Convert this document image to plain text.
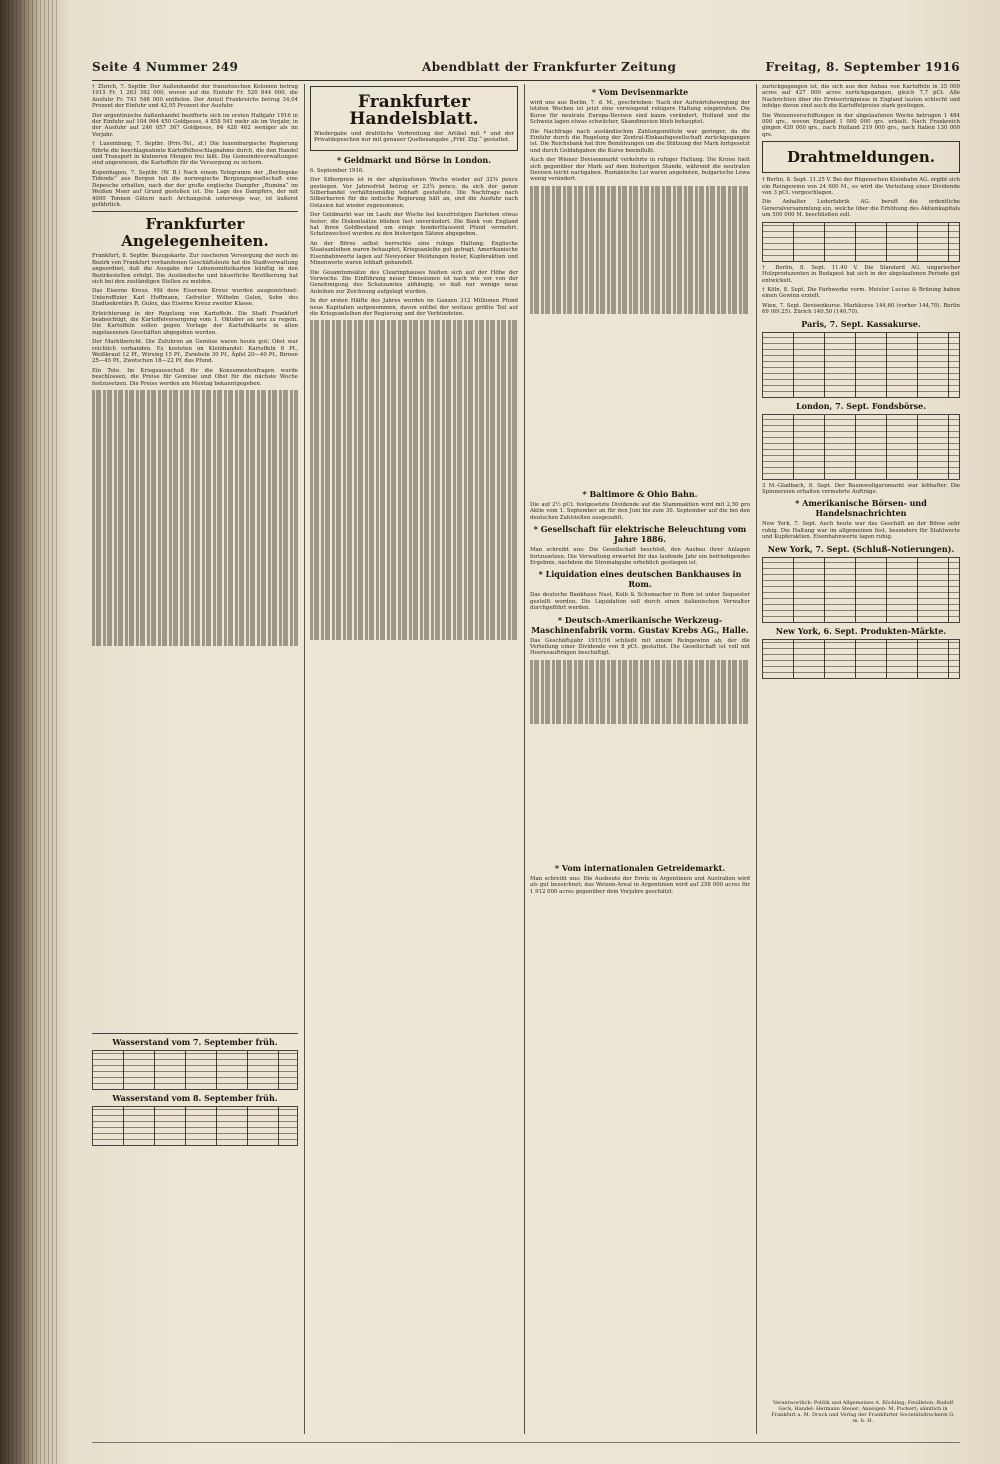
Seite 4 Nummer 249	Abendblatt der Frankfurter Zeitung	Freitag, 8. September 1916

† Zürich, 7. Septbr. Der Außenhandel der französischen Kolonien betrug 1915 Fr. 1 263 392 000, wovon auf die Einfuhr Fr. 520 844 000, die Ausfuhr Fr. 741 548 000 entfielen. Der Anteil Frankreichs betrug 34,04 Prozent der Einfuhr und 42,95 Prozent der Ausfuhr.

Der argentinische Außenhandel bezifferte sich im ersten Halbjahr 1916 in der Einfuhr auf 104 964 450 Goldpesos, 4 858 541 mehr als im Vorjahr, in der Ausfuhr auf 246 057 367 Goldpesos, 84 428 462 weniger als im Vorjahr.

† Luxemburg, 7. Septbr. (Priv.-Tel., zf.) Die luxemburgische Regierung führte die beschlagnahmte Kartoffelbeschlagnahme durch, die den Handel und Transport in kleineren Mengen frei läßt. Die Gemeindeverwaltungen sind angewiesen, die Kartoffeln für die Versorgung zu sichern.

Kopenhagen, 7. Septbr. (W. B.) Nach einem Telegramm der „Berlingske Tidende“ aus Bergen hat die norwegische Bergungsgesellschaft eine Depesche erhalten, nach der der große englische Dampfer „Rumina“ im Weißen Meer auf Grund gestoßen ist. Die Lage des Dampfers, der mit 4000 Tonnen Gütern nach Archangelsk unterwegs war, ist äußerst gefährlich.

Frankfurter Angelegenheiten.

Frankfurt, 8. Septbr. Bezugskarte. Zur rascheren Versorgung der noch im Bezirk von Frankfurt vorhandenen Geschäftsleute hat die Stadtverwaltung angeordnet, daß die Ausgabe der Lebensmittelkarten künftig in den Bezirksstellen erfolgt. Die Ausländische und bäuerliche Bevölkerung hat sich bei den zuständigen Stellen zu melden.

Das Eiserne Kreuz. Mit dem Eisernen Kreuz wurden ausgezeichnet: Unteroffizier Karl Hoffmann, Gefreiter Wilhelm Gulex, Sohn des Stadtsekretärs R. Gulex, das Eiserne Kreuz zweiter Klasse.

Erleichterung in der Regelung von Kartoffeln. Die Stadt Frankfurt beabsichtigt, die Kartoffelversorgung vom 1. Oktober an neu zu regeln. Die Kartoffeln sollen gegen Vorlage der Kartoffelkarte in allen zugelassenen Geschäften abgegeben werden.

Der Marktbericht. Die Zufuhren an Gemüse waren heute gut; Obst war reichlich vorhanden. Es kosteten im Kleinhandel: Kartoffeln 8 Pf., Weißkraut 12 Pf., Wirsing 15 Pf., Zwiebeln 30 Pf., Äpfel 20—40 Pf., Birnen 25—45 Pf., Zwetschen 18—22 Pf. das Pfund.

Ein Tote. Im Kriegsausschuß für die Konsumentenfragen wurde beschlossen, die Preise für Gemüse und Obst für die nächste Woche festzusetzen. Die Preise werden am Montag bekanntgegeben.

Wasserstand vom 7. September früh.
Wasserstand vom 8. September früh.
Frankfurter Handelsblatt.

Wiedergabe und drahtliche Verbreitung der Artikel mit * und der Privatdepeschen nur mit genauer Quellenangabe „Frkf. Ztg.“ gestattet.

* Geldmarkt und Börse in London.

6. September 1916.

Der Silberpreis ist in der abgelaufenen Woche wieder auf 32⅝ pence gestiegen. Vor Jahresfrist betrug er 23¾ pence, da sich der ganze Silberhandel verhältnismäßig lebhaft gestaltete. Die Nachfrage nach Silberbarren für die indische Regierung hält an, und die Ausfuhr nach Ostasien hat wieder zugenommen.

Der Geldmarkt war im Laufe der Woche bei kurzfristigen Darlehen etwas fester; die Diskontsätze blieben fast unverändert. Die Bank von England hat ihren Goldbestand um einige hunderttausend Pfund vermehrt. Schatzwechsel wurden zu den bisherigen Sätzen abgegeben.

An der Börse selbst herrschte eine ruhige Haltung. Englische Staatsanleihen waren behauptet, Kriegsanleihe gut gefragt. Amerikanische Eisenbahnwerte lagen auf Newyorker Meldungen fester, Kupferaktien und Minenwerte waren lebhaft gehandelt.

Die Gesamtumsätze des Clearinghauses hielten sich auf der Höhe der Vorwoche. Die Einführung neuer Emissionen ist nach wie vor von der Genehmigung des Schatzamtes abhängig, so daß nur wenige neue Anleihen zur Zeichnung aufgelegt wurden.

In der ersten Hälfte des Jahres wurden im Ganzen 312 Millionen Pfund neue Kapitalien aufgenommen, davon entfiel der weitaus größte Teil auf die Kriegsanleihen der Regierung und der Verbündeten.

* Vom Devisenmarkte

wird uns aus Berlin, 7. d. M., geschrieben: Nach der Aufwärtsbewegung der letzten Wochen ist jetzt eine vorwiegend ruhigere Haltung eingetreten. Die Kurse für neutrale Europa-Devisen sind kaum verändert, Holland und die Schweiz lagen etwas schwächer, Skandinavien blieb behauptet.

Die Nachfrage nach ausländischen Zahlungsmitteln war geringer, da die Einfuhr durch die Regelung der Zentral-Einkaufsgesellschaft zurückgegangen ist. Die Reichsbank hat ihre Bemühungen um die Stützung der Mark fortgesetzt und durch Goldabgaben die Kurse beeinflußt.

Auch der Wiener Devisenmarkt verkehrte in ruhiger Haltung. Die Krone hielt sich gegenüber der Mark auf dem bisherigen Stande, während die neutralen Devisen leicht nachgaben. Rumänische Lei waren angeboten, bulgarische Lewa wenig verändert.

* Baltimore & Ohio Bahn.

Die auf 2½ pCt. festgesetzte Dividende auf die Stammaktien wird mit 2,50 pro Aktie vom 1. September an für den Juni bis zum 30. September auf die bei den deutschen Zahlstellen ausgezahlt.

* Gesellschaft für elektrische Beleuchtung vom Jahre 1886.

Man schreibt uns: Die Gesellschaft beschloß, den Ausbau ihrer Anlagen fortzusetzen. Die Verwaltung erwartet für das laufende Jahr ein befriedigendes Ergebnis, nachdem die Stromabgabe erheblich gestiegen ist.

* Liquidation eines deutschen Bankhauses in Rom.

Das deutsche Bankhaus Nast, Kolb & Schumacher in Rom ist unter Sequester gestellt worden. Die Liquidation soll durch einen italienischen Verwalter durchgeführt werden.

* Deutsch-Amerikanische Werkzeug-Maschinenfabrik vorm. Gustav Krebs AG., Halle.

Das Geschäftsjahr 1915/16 schließt mit einem Reingewinn ab, der die Verteilung einer Dividende von 8 pCt. gestattet. Die Gesellschaft ist voll mit Heeresaufträgen beschäftigt.

* Vom internationalen Getreidemarkt.

Man schreibt uns: Die Ausbeute der Ernte in Argentinien und Australien wird als gut bezeichnet; das Weizen-Areal in Argentinien wird auf 258 000 acres für 1 912 000 acres gegenüber dem Vorjahre geschätzt.

zurückgegangen ist, die sich aus den Anbau von Kartoffeln in 35 000 acres auf 427 000 acres zurückgegangen, gleich 7,7 pCt. Alle Nachrichten über die Ernteerträgnisse in England lauten schlecht und infolge davon sind auch die Kartoffelpreise stark gestiegen.

Die Weizenverschiffungen in der abgelaufenen Woche betrugen 1 484 000 qrs., wovon England 1 000 000 qrs. erhielt. Nach Frankreich gingen 420 000 qrs., nach Holland 219 000 qrs., nach Italien 130 000 qrs.

Drahtmeldungen.

† Berlin, 8. Sept. 11.25 V. Bei der Rügenschen Kleinbahn AG. ergibt sich ein Reingewinn von 24 600 M., es wird die Verteilung einer Dividende von 3 pCt. vorgeschlagen.

Die Anhalter Lederfabrik AG. beruft die ordentliche Generalversammlung ein, welche über die Erhöhung des Aktienkapitals um 500 000 M. beschließen soll.

† Berlin, 8. Sept. 11.40 V. Die Standard AG. ungarischer Holzproduzenten in Budapest hat sich in der abgelaufenen Periode gut entwickelt.

† Köln, 8. Sept. Die Farbwerke vorm. Meister Lucius & Brüning haben einen Gewinn erzielt.

Wien, 7. Sept. Devisenkurse. Markkurse 144,60 (vorher 144,70). Berlin 69 (69,25). Zürich 140,50 (140,70).

Paris, 7. Sept. Kassakurse.
London, 7. Sept. Fondsbörse.

3 M.-Gladbach, 8. Sept. Der Baumwollgarnmarkt war lebhafter. Die Spinnereien erhalten vermehrte Aufträge.

* Amerikanische Börsen- und Handelsnachrichten

New York, 7. Sept. Auch heute war das Geschäft an der Börse sehr ruhig. Die Haltung war im allgemeinen fest, besonders für Stahlwerte und Kupferaktien. Eisenbahnwerte lagen ruhig.

New York, 7. Sept. (Schluß-Notierungen).
New York, 6. Sept. Produkten-Märkte.
Verantwortlich: Politik und Allgemeines A. Röchling; Feuilleton: Rudolf Geck; Handel: Hermann Steuer; Anzeigen: M. Puckert; sämtlich in Frankfurt a. M. Druck und Verlag der Frankfurter Societätsdruckerei G. m. b. H.
